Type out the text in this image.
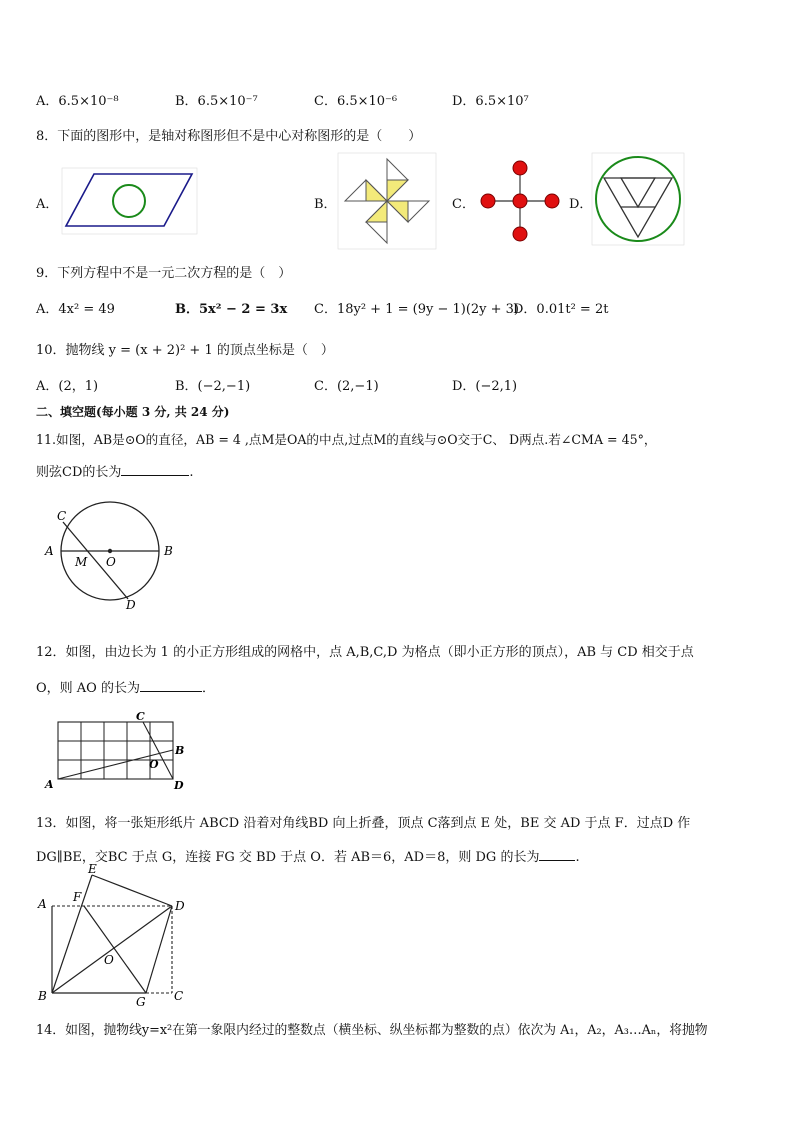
A．6.5×10⁻⁸	B．6.5×10⁻⁷	C．6.5×10⁻⁶	D．6.5×10⁷
8．下面的图形中，是轴对称图形但不是中心对称图形的是（　　）
A．	B．	C．	D．
9．下列方程中不是一元二次方程的是（　）
A．4x² = 49	B．5x² − 2 = 3x C．18y² + 1 = (9y − 1)(2y + 3)
D．0.01t² = 2t
10．抛物线 y = (x + 2)² + 1 的顶点坐标是（　）
A．(2，1)	B．(−2,−1)	C．(2,−1)	D．(−2,1)
二、填空题(每小题 3 分, 共 24 分)
11.如图，AB是⊙O的直径，AB = 4 ,点M是OA的中点,过点M的直线与⊙O交于C、 D两点.若∠CMA = 45°，
则弦CD的长为	.
C
A
M O
B
D
12．如图，由边长为 1 的小正方形组成的网格中，点 A,B,C,D 为格点（即小正方形的顶点），AB 与 CD 相交于点
O，则 AO 的长为	．
C
B
O
A	D
13．如图，将一张矩形纸片 ABCD 沿着对角线BD 向上折叠，顶点 C落到点 E 处，BE 交 AD 于点 F．过点D 作
DG∥BE，交BC 于点 G，连接 FG 交 BD 于点 O．若 AB＝6，AD＝8，则 DG 的长为	.
E
A F
D
O
B	G C
14．如图，抛物线y=x²在第一象限内经过的整数点（横坐标、纵坐标都为整数的点）依次为 A₁，A₂，A₃…Aₙ，将抛物
